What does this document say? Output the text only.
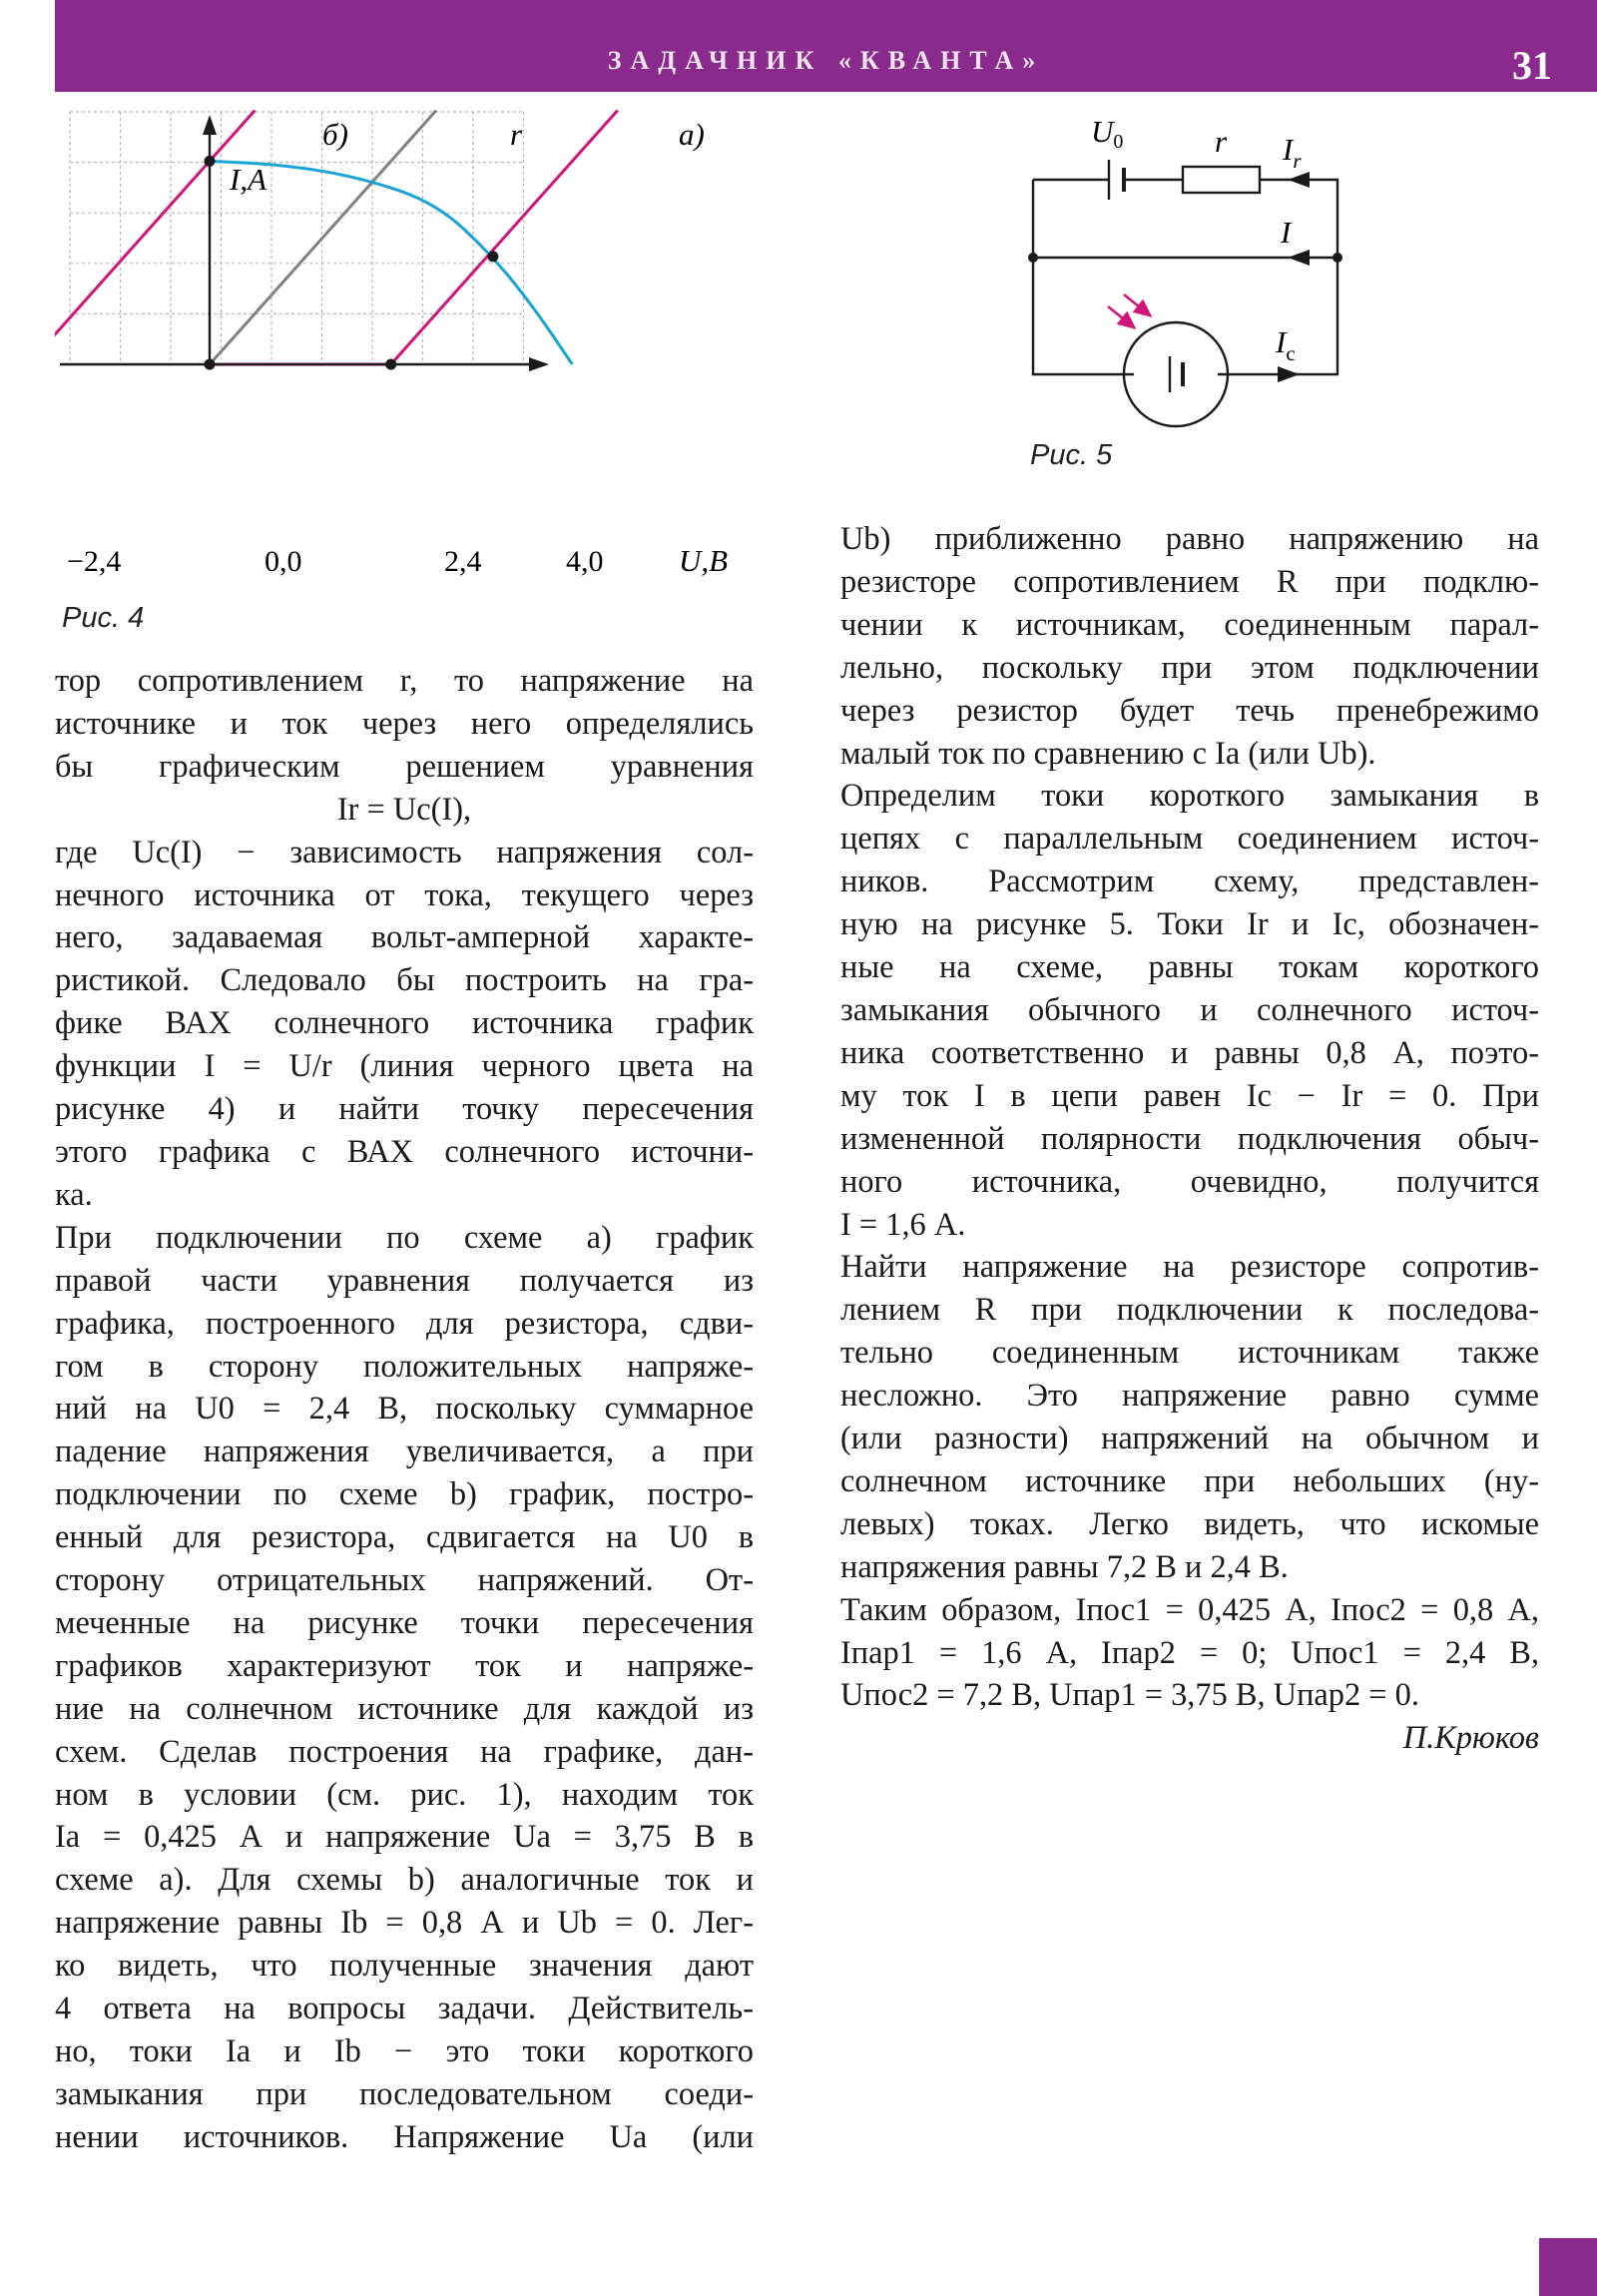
ЗАДАЧНИК «КВАНТА»	31
I,A
U,B
б)	r	а)
−2,4	0,0	2,4	4,0
Рис. 4
U0	r $I_r$
I
$I_c$
Рис. 5
тор сопротивлением r, то напряжение на
источнике и ток через него определялись
бы графическим решением уравнения
Ir = Uc(I),
где Uc(I) − зависимость напряжения сол-
нечного источника от тока, текущего через
него, задаваемая вольт-амперной характе-
ристикой. Следовало бы построить на гра-
фике ВАХ солнечного источника график
функции I = U/r (линия черного цвета на
рисунке 4) и найти точку пересечения
этого графика с ВАХ солнечного источни-
ка.
При подключении по схеме а) график
правой части уравнения получается из
графика, построенного для резистора, сдви-
гом в сторону положительных напряже-
ний на U0 = 2,4 В, поскольку суммарное
падение напряжения увеличивается, а при
подключении по схеме b) график, постро-
енный для резистора, сдвигается на U0 в
сторону отрицательных напряжений. От-
меченные на рисунке точки пересечения
графиков характеризуют ток и напряже-
ние на солнечном источнике для каждой из
схем. Сделав построения на графике, дан-
ном в условии (см. рис. 1), находим ток
Ia = 0,425 А и напряжение Ua = 3,75 В в
схеме а). Для схемы b) аналогичные ток и
напряжение равны Ib = 0,8 А и Ub = 0. Лег-
ко видеть, что полученные значения дают
4 ответа на вопросы задачи. Действитель-
но, токи Ia и Ib − это токи короткого
замыкания при последовательном соеди-
нении источников. Напряжение Ua (или
Ub) приближенно равно напряжению на
резисторе сопротивлением R при подклю-
чении к источникам, соединенным парал-
лельно, поскольку при этом подключении
через резистор будет течь пренебрежимо
малый ток по сравнению с Ia (или Ub).
Определим токи короткого замыкания в
цепях с параллельным соединением источ-
ников. Рассмотрим схему, представлен-
ную на рисунке 5. Токи Ir и Ic, обозначен-
ные на схеме, равны токам короткого
замыкания обычного и солнечного источ-
ника соответственно и равны 0,8 А, поэто-
му ток I в цепи равен Ic − Ir = 0. При
измененной полярности подключения обыч-
ного источника, очевидно, получится
I = 1,6 А.
Найти напряжение на резисторе сопротив-
лением R при подключении к последова-
тельно соединенным источникам также
несложно. Это напряжение равно сумме
(или разности) напряжений на обычном и
солнечном источнике при небольших (ну-
левых) токах. Легко видеть, что искомые
напряжения равны 7,2 В и 2,4 В.
Таким образом, Iпос1 = 0,425 А, Iпос2 = 0,8 А,
Iпар1 = 1,6 А, Iпар2 = 0; Uпос1 = 2,4 В,
Uпос2 = 7,2 В, Uпар1 = 3,75 В, Uпар2 = 0.
П.Крюков
